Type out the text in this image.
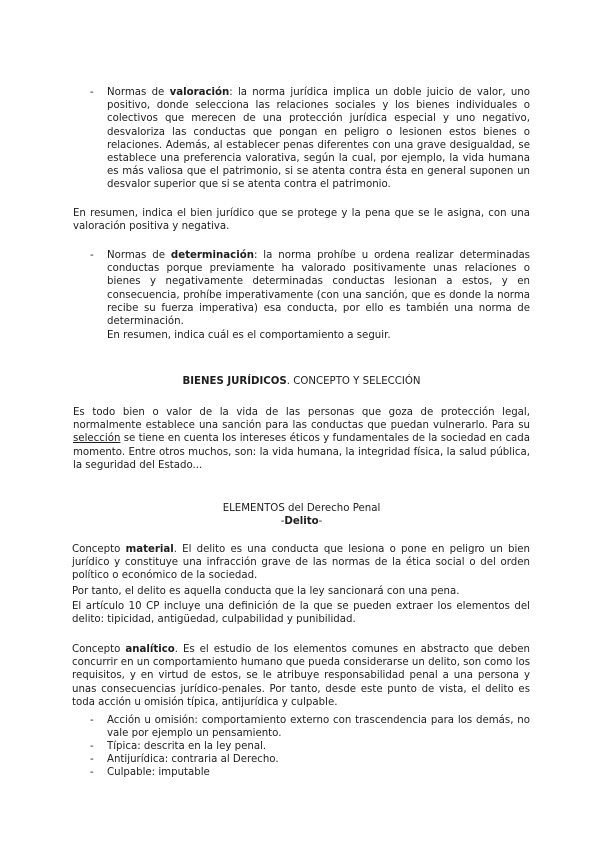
- Normas de valoración: la norma jurídica implica un doble juicio de valor, uno positivo, donde selecciona las relaciones sociales y los bienes individuales o colectivos que merecen de una protección jurídica especial y uno negativo, desvaloriza las conductas que pongan en peligro o lesionen estos bienes o relaciones. Además, al establecer penas diferentes con una grave desigualdad, se establece una preferencia valorativa, según la cual, por ejemplo, la vida humana es más valiosa que el patrimonio, si se atenta contra ésta en general suponen un desvalor superior que si se atenta contra el patrimonio.

En resumen, indica el bien jurídico que se protege y la pena que se le asigna, con una valoración positiva y negativa.

- Normas de determinación: la norma prohíbe u ordena realizar determinadas conductas porque previamente ha valorado positivamente unas relaciones o bienes y negativamente determinadas conductas lesionan a estos, y en consecuencia, prohíbe imperativamente (con una sanción, que es donde la norma recibe su fuerza imperativa) esa conducta, por ello es también una norma de determinación.
En resumen, indica cuál es el comportamiento a seguir.
BIENES JURÍDICOS. CONCEPTO Y SELECCIÓN

Es todo bien o valor de la vida de las personas que goza de protección legal, normalmente establece una sanción para las conductas que puedan vulnerarlo. Para su selección se tiene en cuenta los intereses éticos y fundamentales de la sociedad en cada momento. Entre otros muchos, son: la vida humana, la integridad física, la salud pública, la seguridad del Estado...

ELEMENTOS del Derecho Penal
-Delito-

Concepto material. El delito es una conducta que lesiona o pone en peligro un bien jurídico y constituye una infracción grave de las normas de la ética social o del orden político o económico de la sociedad.

Por tanto, el delito es aquella conducta que la ley sancionará con una pena.

El artículo 10 CP incluye una definición de la que se pueden extraer los elementos del delito: tipicidad, antigüedad, culpabilidad y punibilidad.

Concepto analítico. Es el estudio de los elementos comunes en abstracto que deben concurrir en un comportamiento humano que pueda considerarse un delito, son como los requisitos, y en virtud de estos, se le atribuye responsabilidad penal a una persona y unas consecuencias jurídico-penales. Por tanto, desde este punto de vista, el delito es toda acción u omisión típica, antijurídica y culpable.

- Acción u omisión: comportamiento externo con trascendencia para los demás, no vale por ejemplo un pensamiento.
- Típica: descrita en la ley penal.
- Antijurídica: contraria al Derecho.
- Culpable: imputable
